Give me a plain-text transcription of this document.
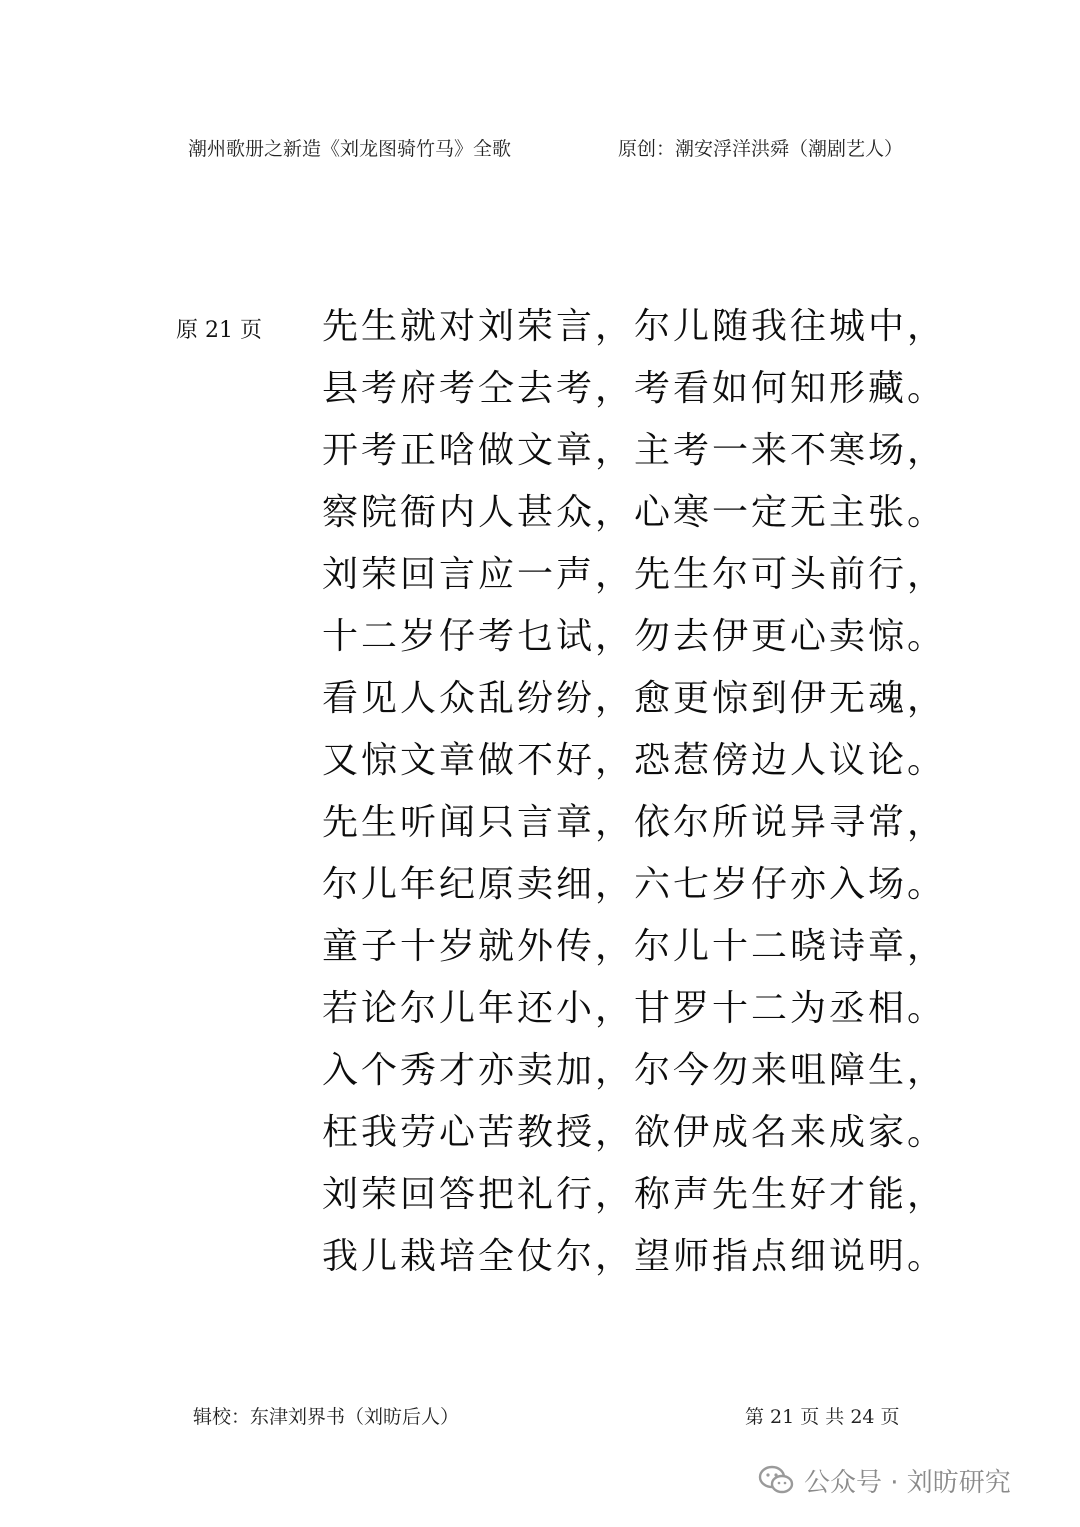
潮州歌册之新造《刘龙图骑竹马》全歌	原创：潮安浮洋洪舜（潮剧艺人）
原 21 页 先生就对刘荣言，尔儿随我往城中，
县考府考仝去考，考看如何知形藏。
开考正唅做文章，主考一来不寒场，
察院衙内人甚众，心寒一定无主张。
刘荣回言应一声，先生尔可头前行，
十二岁仔考乜试，勿去伊更心卖惊。
看见人众乱纷纷，愈更惊到伊无魂，
又惊文章做不好，恐惹傍边人议论。
先生听闻只言章，依尔所说异寻常，
尔儿年纪原卖细，六七岁仔亦入场。
童子十岁就外传，尔儿十二晓诗章，
若论尔儿年还小，甘罗十二为丞相。
入个秀才亦卖加，尔今勿来咀障生，
枉我劳心苦教授，欲伊成名来成家。
刘荣回答把礼行，称声先生好才能，
我儿栽培全仗尔，望师指点细说明。
辑校：东津刘界书（刘昉后人）	第 21 页 共 24 页
公众号 · 刘昉研究
